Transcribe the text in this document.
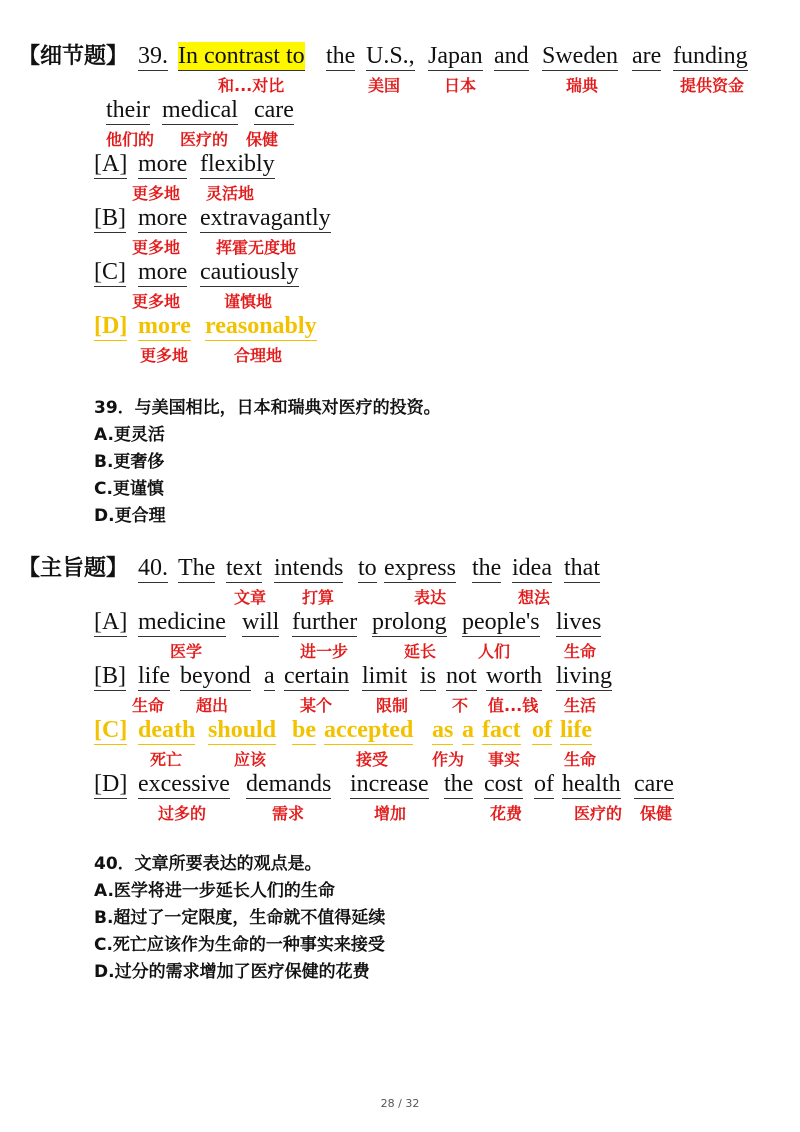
【细节题】 39. In contrast to the U.S., Japan and Sweden are funding
和...对比	美国	日本	瑞典	提供资金
their medical care
他们的 医疗的 保健
[A] more flexibly
更多地 灵活地
[B] more extravagantly
更多地 挥霍无度地
[C] more cautiously
更多地	谨慎地
[D] more reasonably
更多地	合理地
39．与美国相比，日本和瑞典对医疗的投资。
A.更灵活
B.更奢侈
C.更谨慎
D.更合理
【主旨题】 40. The text intends to express the idea that
文章 打算	表达	想法
[A] medicine will further prolong people's lives
医学	进一步	延长	人们	生命
[B] life beyond a certain limit is not worth living
生命 超出	某个	限制	不 值...钱 生活
[C] death should be accepted as a fact of life
死亡	应该	接受	作为 事实	生命
[D] excessive demands increase the cost of health care
过多的	需求	增加	花费	医疗的 保健
40．文章所要表达的观点是。
A.医学将进一步延长人们的生命
B.超过了一定限度，生命就不值得延续
C.死亡应该作为生命的一种事实来接受
D.过分的需求增加了医疗保健的花费
28 / 32
